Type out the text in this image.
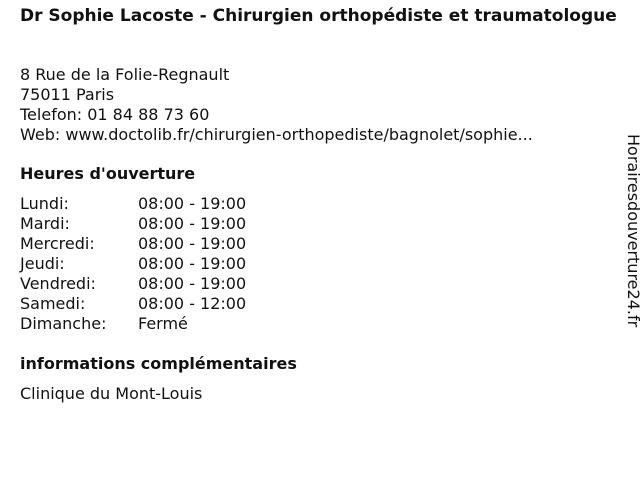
Dr Sophie Lacoste - Chirurgien orthopédiste et traumatologue
8 Rue de la Folie-Regnault
75011 Paris
Telefon: 01 84 88 73 60
Web: www.doctolib.fr/chirurgien-orthopediste/bagnolet/sophie...
Heures d'ouverture
Lundi:	08:00 - 19:00
Mardi:	08:00 - 19:00
Mercredi:	08:00 - 19:00
Jeudi:	08:00 - 19:00
Vendredi:	08:00 - 19:00
Samedi:	08:00 - 12:00
Dimanche:	Fermé
informations complémentaires
Clinique du Mont-Louis
Horairesdouverture24.fr
